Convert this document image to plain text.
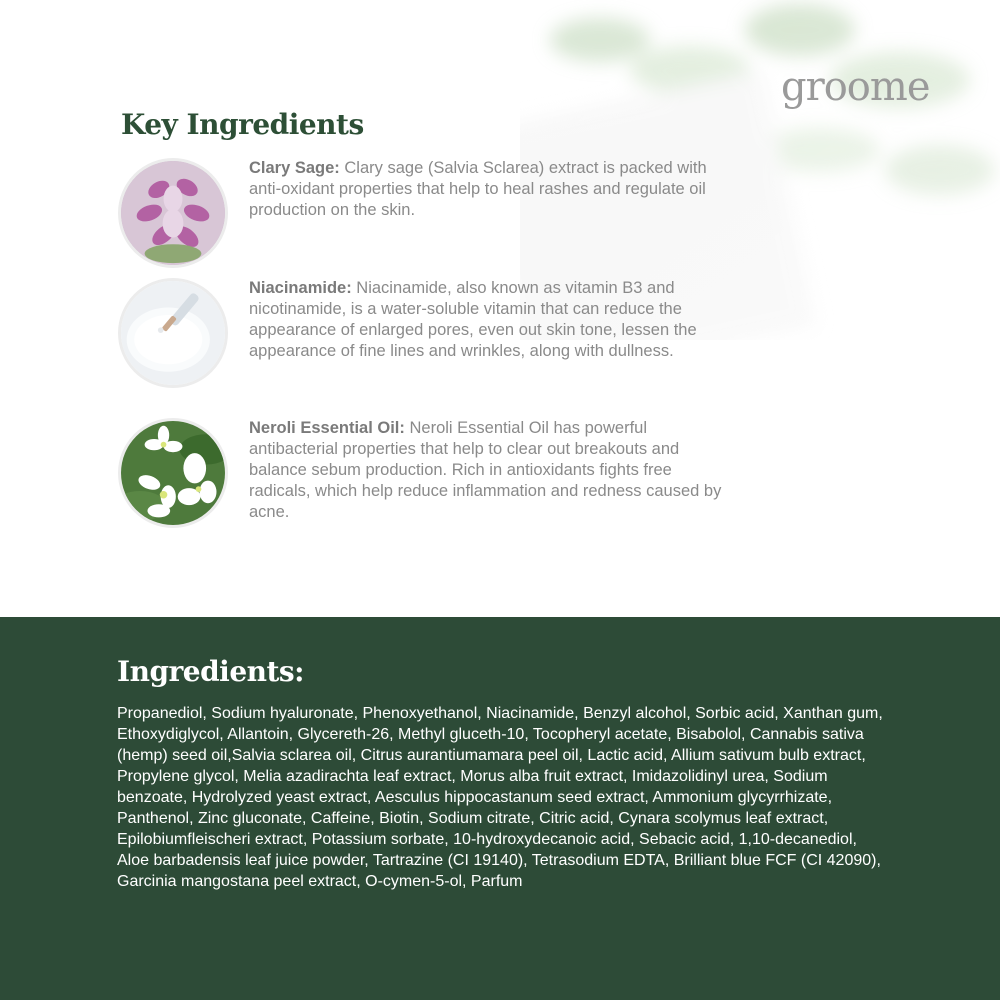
groome
Key Ingredients

Clary Sage: Clary sage (Salvia Sclarea) extract is packed with anti-oxidant properties that help to heal rashes and regulate oil production on the skin.

Niacinamide: Niacinamide, also known as vitamin B3 and nicotinamide, is a water-soluble vitamin that can reduce the appearance of enlarged pores, even out skin tone, lessen the appearance of fine lines and wrinkles, along with dullness.

Neroli Essential Oil: Neroli Essential Oil has powerful antibacterial properties that help to clear out breakouts and balance sebum production. Rich in antioxidants fights free radicals, which help reduce inflammation and redness caused by acne.

Ingredients:

Propanediol, Sodium hyaluronate, Phenoxyethanol, Niacinamide, Benzyl alcohol, Sorbic acid, Xanthan gum, Ethoxydiglycol, Allantoin, Glycereth-26, Methyl gluceth-10, Tocopheryl acetate, Bisabolol, Cannabis sativa (hemp) seed oil,Salvia sclarea oil, Citrus aurantiumamara peel oil, Lactic acid, Allium sativum bulb extract, Propylene glycol, Melia azadirachta leaf extract, Morus alba fruit extract, Imidazolidinyl urea, Sodium benzoate, Hydrolyzed yeast extract, Aesculus hippocastanum seed extract, Ammonium glycyrrhizate, Panthenol, Zinc gluconate, Caffeine, Biotin, Sodium citrate, Citric acid, Cynara scolymus leaf extract, Epilobiumfleischeri extract, Potassium sorbate, 10-hydroxydecanoic acid, Sebacic acid, 1,10-decanediol, Aloe barbadensis leaf juice powder, Tartrazine (CI 19140), Tetrasodium EDTA, Brilliant blue FCF (CI 42090), Garcinia mangostana peel extract, O-cymen-5-ol, Parfum
